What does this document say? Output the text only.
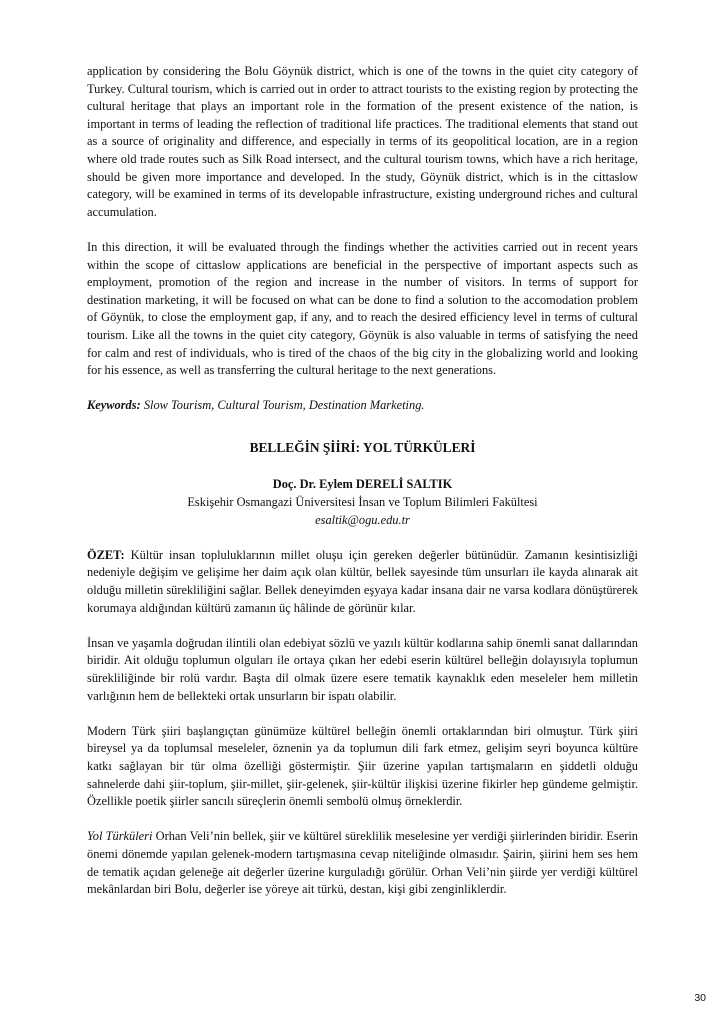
application by considering the Bolu Göynük district, which is one of the towns in the quiet city category of Turkey. Cultural tourism, which is carried out in order to attract tourists to the existing region by protecting the cultural heritage that plays an important role in the formation of the present existence of the nation, is important in terms of leading the reflection of traditional life practices. The traditional elements that stand out as a source of originality and difference, and especially in terms of its geopolitical location, are in a region where old trade routes such as Silk Road intersect, and the cultural tourism towns, which have a rich heritage, should be given more importance and developed. In the study, Göynük district, which is in the cittaslow category, will be examined in terms of its developable infrastructure, existing underground riches and cultural accumulation.

In this direction, it will be evaluated through the findings whether the activities carried out in recent years within the scope of cittaslow applications are beneficial in the perspective of important aspects such as employment, promotion of the region and increase in the number of visitors. In terms of support for destination marketing, it will be focused on what can be done to find a solution to the accomodation problem of Göynük, to close the employment gap, if any, and to reach the desired efficiency level in terms of cultural tourism. Like all the towns in the quiet city category, Göynük is also valuable in terms of satisfying the need for calm and rest of individuals, who is tired of the chaos of the big city in the globalizing world and looking for his essence, as well as transferring the cultural heritage to the next generations.

Keywords: Slow Tourism, Cultural Tourism, Destination Marketing.

BELLEĞİN ŞİİRİ: YOL TÜRKÜLERİ
Doç. Dr. Eylem DERELİ SALTIK
Eskişehir Osmangazi Üniversitesi İnsan ve Toplum Bilimleri Fakültesi
esaltik@ogu.edu.tr

ÖZET: Kültür insan topluluklarının millet oluşu için gereken değerler bütünüdür. Zamanın kesintisizliği nedeniyle değişim ve gelişime her daim açık olan kültür, bellek sayesinde tüm unsurları ile kayda alınarak ait olduğu milletin sürekliliğini sağlar. Bellek deneyimden eşyaya kadar insana dair ne varsa kodlara dönüştürerek korumaya aldığından kültürü zamanın üç hâlinde de görünür kılar.

İnsan ve yaşamla doğrudan ilintili olan edebiyat sözlü ve yazılı kültür kodlarına sahip önemli sanat dallarından biridir. Ait olduğu toplumun olguları ile ortaya çıkan her edebi eserin kültürel belleğin dolayısıyla toplumun sürekliliğinde bir rolü vardır. Başta dil olmak üzere esere tematik kaynaklık eden meseleler hem milletin varlığının hem de bellekteki ortak unsurların bir ispatı olabilir.

Modern Türk şiiri başlangıçtan günümüze kültürel belleğin önemli ortaklarından biri olmuştur. Türk şiiri bireysel ya da toplumsal meseleler, öznenin ya da toplumun dili fark etmez, gelişim seyri boyunca kültüre katkı sağlayan bir tür olma özelliği göstermiştir. Şiir üzerine yapılan tartışmaların en şiddetli olduğu sahnelerde dahi şiir-toplum, şiir-millet, şiir-gelenek, şiir-kültür ilişkisi üzerine fikirler hep gündeme gelmiştir. Özellikle poetik şiirler sancılı süreçlerin önemli sembolü olmuş örneklerdir.

Yol Türküleri Orhan Veli’nin bellek, şiir ve kültürel süreklilik meselesine yer verdiği şiirlerinden biridir. Eserin önemi dönemde yapılan gelenek-modern tartışmasına cevap niteliğinde olmasıdır. Şairin, şiirini hem ses hem de tematik açıdan geleneğe ait değerler üzerine kurguladığı görülür. Orhan Veli’nin şiirde yer verdiği kültürel mekânlardan biri Bolu, değerler ise yöreye ait türkü, destan, kişi gibi zenginliklerdir.

30
